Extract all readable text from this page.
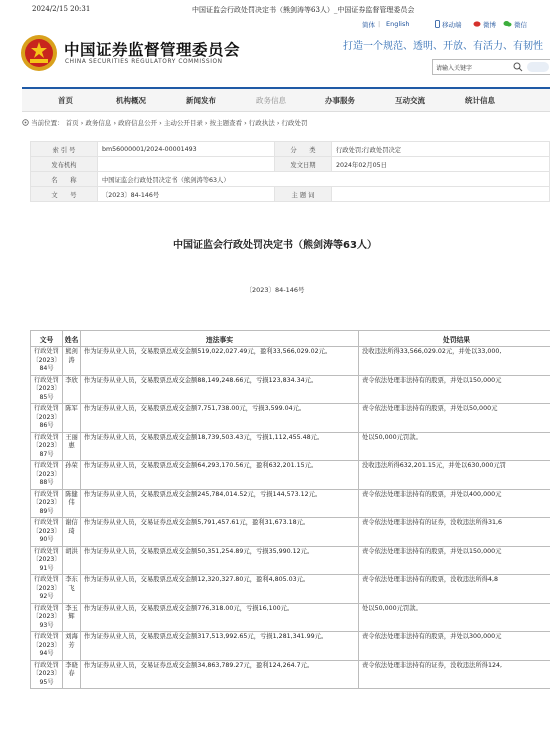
2024/2/15 20:31	中国证监会行政处罚决定书（熊剑涛等63人）_中国证券监督管理委员会
简体 | English	移动端	微博	微信
中国证券监督管理委员会
CHINA SECURITIES REGULATORY COMMISSION
打造一个规范、透明、开放、有活力、有韧性
请输入关键字
首页	机构概况	新闻发布	政务信息	办事服务	互动交流	统计信息
当前位置： 首页 › 政务信息 › 政府信息公开 › 主动公开目录 › 按主题查看 › 行政执法 › 行政处罚
索 引 号	bm56000001/2024-00001493	分　　类	行政处罚;行政处罚决定
发布机构		发文日期	2024年02月05日
名　　称	中国证监会行政处罚决定书（熊剑涛等63人）		
文　　号	〔2023〕84-146号	主 题 词	
中国证监会行政处罚决定书（熊剑涛等63人）
〔2023〕84-146号
文号	姓名	违法事实	处罚结果
行政处罚〔2023〕84号	熊剑涛	作为证券从业人员，交易股票总成交金额519,022,027.49元，盈利33,566,029.02元。	没收违法所得33,566,029.02元，并处以33,000,
行政处罚〔2023〕85号	李欣	作为证券从业人员，交易股票总成交金额88,149,248.66元，亏损123,834.34元。	责令依法处理非法持有的股票，并处以150,000元
行政处罚〔2023〕86号	陈军	作为证券从业人员，交易股票总成交金额7,751,738.00元，亏损3,599.04元。	责令依法处理非法持有的股票，并处以50,000元
行政处罚〔2023〕87号	王丽惠	作为证券从业人员，交易股票总成交金额18,739,503.43元，亏损1,112,455.48元。	处以50,000元罚款。
行政处罚〔2023〕88号	孙荣	作为证券从业人员，交易股票总成交金额64,293,170.56元，盈利632,201.15元。	没收违法所得632,201.15元，并处以630,000元罚
行政处罚〔2023〕89号	陈健伟	作为证券从业人员，交易股票总成交金额245,784,014.52元，亏损144,573.12元。	责令依法处理非法持有的股票，并处以400,000元
行政处罚〔2023〕90号	谢信琦	作为证券从业人员，交易证券总成交金额5,791,457.61元，盈利31,673.18元。	责令依法处理非法持有的证券，没收违法所得31,6
行政处罚〔2023〕91号	胡洪	作为证券从业人员，交易股票总成交金额50,351,254.89元，亏损35,990.12元。	责令依法处理非法持有的股票，并处以150,000元
行政处罚〔2023〕92号	李东飞	作为证券从业人员，交易股票总成交金额12,320,327.80元，盈利4,805.03元。	责令依法处理非法持有的股票，没收违法所得4,8
行政处罚〔2023〕93号	李玉辉	作为证券从业人员，交易股票总成交金额776,318.00元，亏损16,100元。	处以50,000元罚款。
行政处罚〔2023〕94号	刘海芳	作为证券从业人员，交易股票总成交金额317,513,992.65元，亏损1,281,341.99元。	责令依法处理非法持有的股票，并处以300,000元
行政处罚〔2023〕95号	李晓春	作为证券从业人员，交易证券总成交金额34,863,789.27元，盈利124,264.7元。	责令依法处理非法持有的证券，没收违法所得124,
